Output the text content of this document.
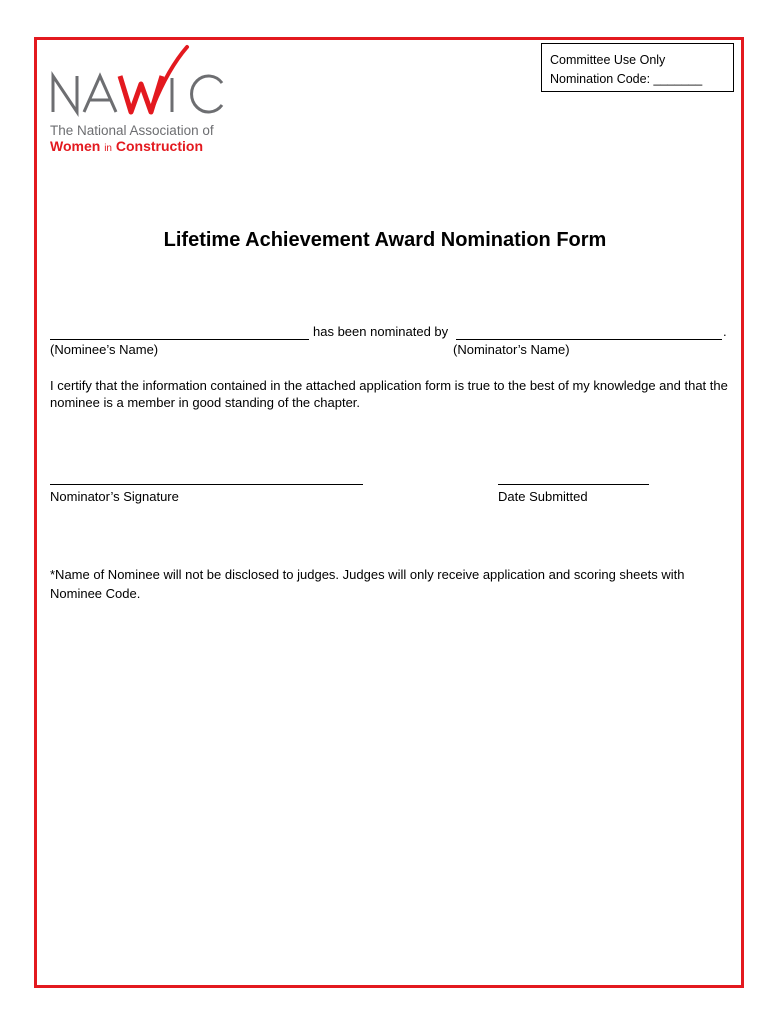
Committee Use Only
Nomination Code: _______
The National Association of
Women in Construction
Lifetime Achievement Award Nomination Form
has been nominated by	.
(Nominee’s Name)	(Nominator’s Name)
I certify that the information contained in the attached application form is true to the best of my knowledge and that the nominee is a member in good standing of the chapter.
Nominator’s Signature	Date Submitted
*Name of Nominee will not be disclosed to judges. Judges will only receive application and scoring sheets with Nominee Code.
